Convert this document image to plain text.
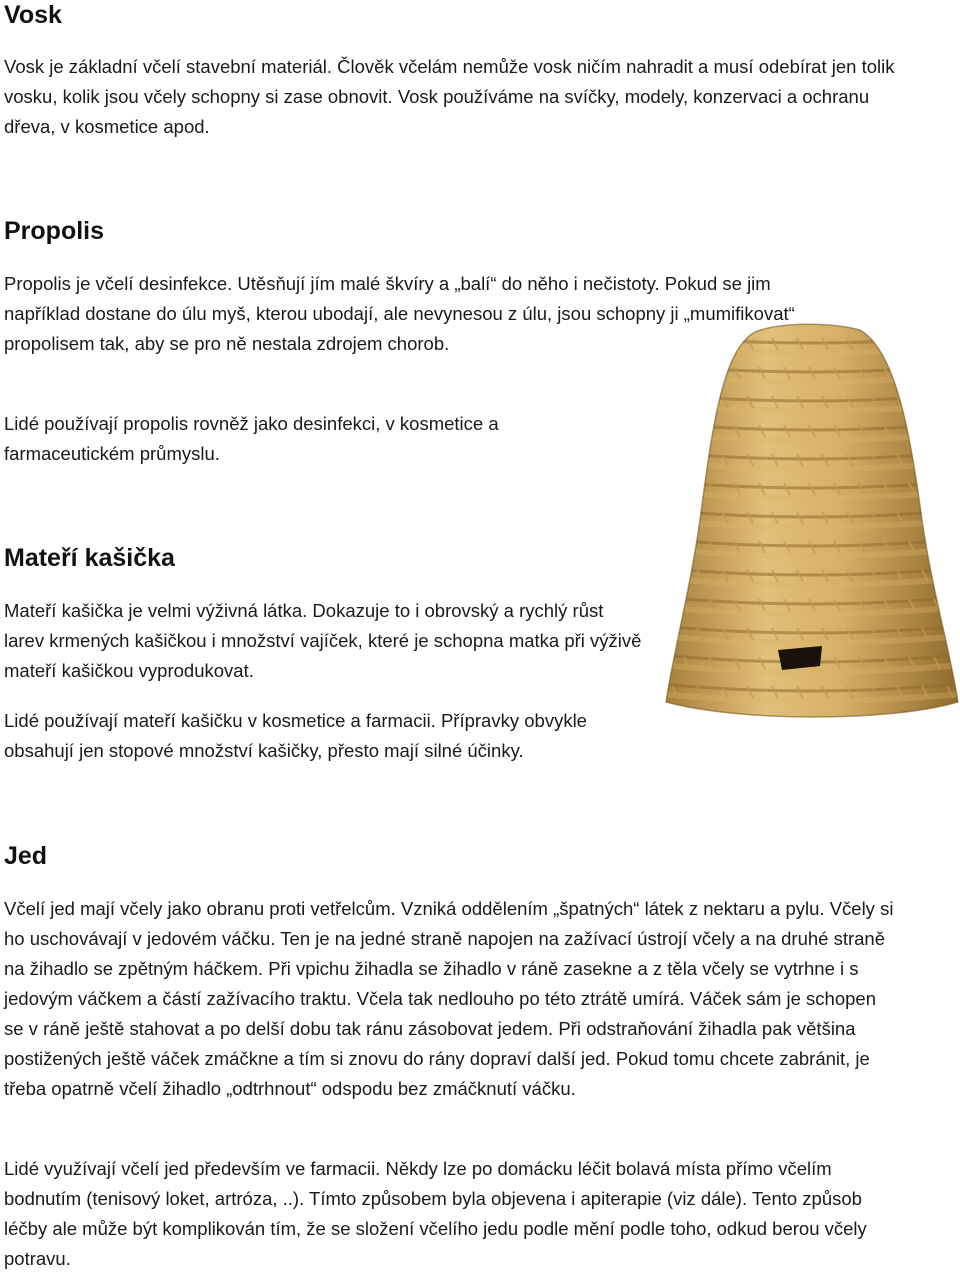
Vosk

Vosk je základní včelí stavební materiál. Člověk včelám nemůže vosk ničím nahradit a musí odebírat jen tolik vosku, kolik jsou včely schopny si zase obnovit. Vosk používáme na svíčky, modely, konzervaci a ochranu dřeva, v kosmetice apod.

Propolis

Propolis je včelí desinfekce. Utěsňují jím malé škvíry a „balí“ do něho i nečistoty. Pokud se jim například dostane do úlu myš, kterou ubodají, ale nevynesou z úlu, jsou schopny ji „mumifikovat“ propolisem tak, aby se pro ně nestala zdrojem chorob.

Lidé používají propolis rovněž jako desinfekci, v kosmetice a farmaceutickém průmyslu.

Mateří kašička

Mateří kašička je velmi výživná látka. Dokazuje to i obrovský a rychlý růst larev krmených kašičkou i množství vajíček, které je schopna matka při výživě mateří kašičkou vyprodukovat.

Lidé používají mateří kašičku v kosmetice a farmacii. Přípravky obvykle obsahují jen stopové množství kašičky, přesto mají silné účinky.

Jed

Včelí jed mají včely jako obranu proti vetřelcům. Vzniká oddělením „špatných“ látek z nektaru a pylu. Včely si ho uschovávají v jedovém váčku. Ten je na jedné straně napojen na zažívací ústrojí včely a na druhé straně na žihadlo se zpětným háčkem. Při vpichu žihadla se žihadlo v ráně zasekne a z těla včely se vytrhne i s jedovým váčkem a částí zažívacího traktu. Včela tak nedlouho po této ztrátě umírá. Váček sám je schopen se v ráně ještě stahovat a po delší dobu tak ránu zásobovat jedem. Při odstraňování žihadla pak většina postižených ještě váček zmáčkne a tím si znovu do rány dopraví další jed. Pokud tomu chcete zabránit, je třeba opatrně včelí žihadlo „odtrhnout“ odspodu bez zmáčknutí váčku.

Lidé využívají včelí jed především ve farmacii. Někdy lze po domácku léčit bolavá místa přímo včelím bodnutím (tenisový loket, artróza, ..). Tímto způsobem byla objevena i apiterapie (viz dále). Tento způsob léčby ale může být komplikován tím, že se složení včelího jedu podle mění podle toho, odkud berou včely potravu.
